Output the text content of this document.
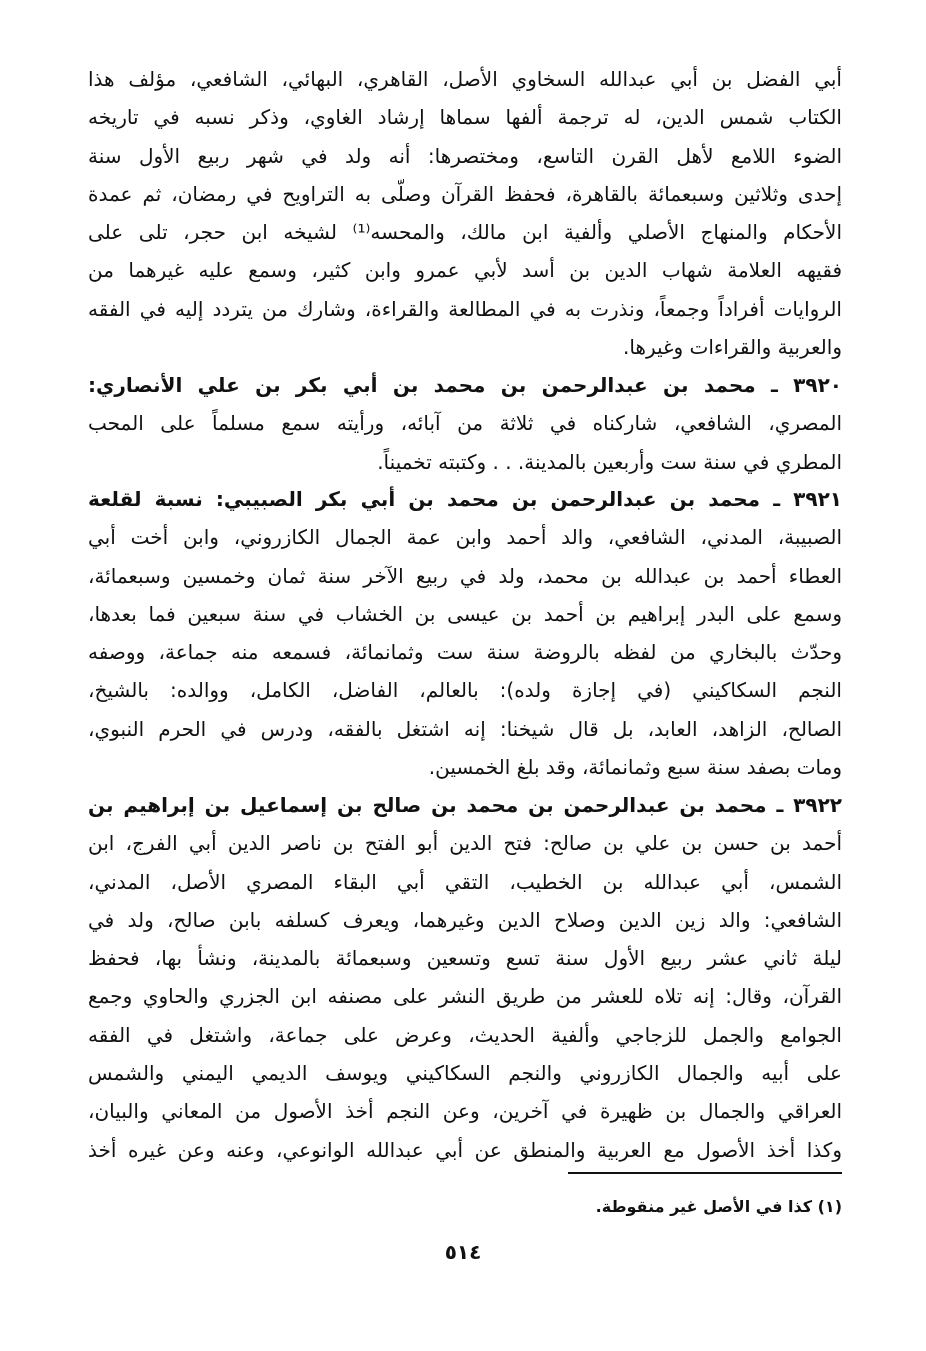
أبي الفضل بن أبي عبدالله السخاوي الأصل، القاهري، البهائي، الشافعي، مؤلف هذا
الكتاب شمس الدين، له ترجمة ألفها سماها إرشاد الغاوي، وذكر نسبه في تاريخه
الضوء اللامع لأهل القرن التاسع، ومختصرها: أنه ولد في شهر ربيع الأول سنة
إحدى وثلاثين وسبعمائة بالقاهرة، فحفظ القرآن وصلّى به التراويح في رمضان، ثم عمدة
الأحكام والمنهاج الأصلي وألفية ابن مالك، والمحسه⁽¹⁾ لشيخه ابن حجر، تلى على
فقيهه العلامة شهاب الدين بن أسد لأبي عمرو وابن كثير، وسمع عليه غيرهما من
الروايات أفراداً وجمعاً، ونذرت به في المطالعة والقراءة، وشارك من يتردد إليه في الفقه
والعربية والقراءات وغيرها.
٣٩٢٠ ـ محمد بن عبدالرحمن بن محمد بن أبي بكر بن علي الأنصاري:
المصري، الشافعي، شاركناه في ثلاثة من آبائه، ورأيته سمع مسلماً على المحب
المطري في سنة ست وأربعين بالمدينة. . . وكتبته تخميناً.
٣٩٢١ ـ محمد بن عبدالرحمن بن محمد بن أبي بكر الصبيبي: نسبة لقلعة
الصبيبة، المدني، الشافعي، والد أحمد وابن عمة الجمال الكازروني، وابن أخت أبي
العطاء أحمد بن عبدالله بن محمد، ولد في ربيع الآخر سنة ثمان وخمسين وسبعمائة،
وسمع على البدر إبراهيم بن أحمد بن عيسى بن الخشاب في سنة سبعين فما بعدها،
وحدّث بالبخاري من لفظه بالروضة سنة ست وثمانمائة، فسمعه منه جماعة، ووصفه
النجم السكاكيني (في إجازة ولده): بالعالم، الفاضل، الكامل، ووالده: بالشيخ،
الصالح، الزاهد، العابد، بل قال شيخنا: إنه اشتغل بالفقه، ودرس في الحرم النبوي،
ومات بصفد سنة سبع وثمانمائة، وقد بلغ الخمسين.
٣٩٢٢ ـ محمد بن عبدالرحمن بن محمد بن صالح بن إسماعيل بن إبراهيم بن
أحمد بن حسن بن علي بن صالح: فتح الدين أبو الفتح بن ناصر الدين أبي الفرج، ابن
الشمس، أبي عبدالله بن الخطيب، التقي أبي البقاء المصري الأصل، المدني،
الشافعي: والد زين الدين وصلاح الدين وغيرهما، ويعرف كسلفه بابن صالح، ولد في
ليلة ثاني عشر ربيع الأول سنة تسع وتسعين وسبعمائة بالمدينة، ونشأ بها، فحفظ
القرآن، وقال: إنه تلاه للعشر من طريق النشر على مصنفه ابن الجزري والحاوي وجمع
الجوامع والجمل للزجاجي وألفية الحديث، وعرض على جماعة، واشتغل في الفقه
على أبيه والجمال الكازروني والنجم السكاكيني ويوسف الديمي اليمني والشمس
العراقي والجمال بن ظهيرة في آخرين، وعن النجم أخذ الأصول من المعاني والبيان،
وكذا أخذ الأصول مع العربية والمنطق عن أبي عبدالله الوانوعي، وعنه وعن غيره أخذ
(١) كذا في الأصل غير منقوطة.
٥١٤
